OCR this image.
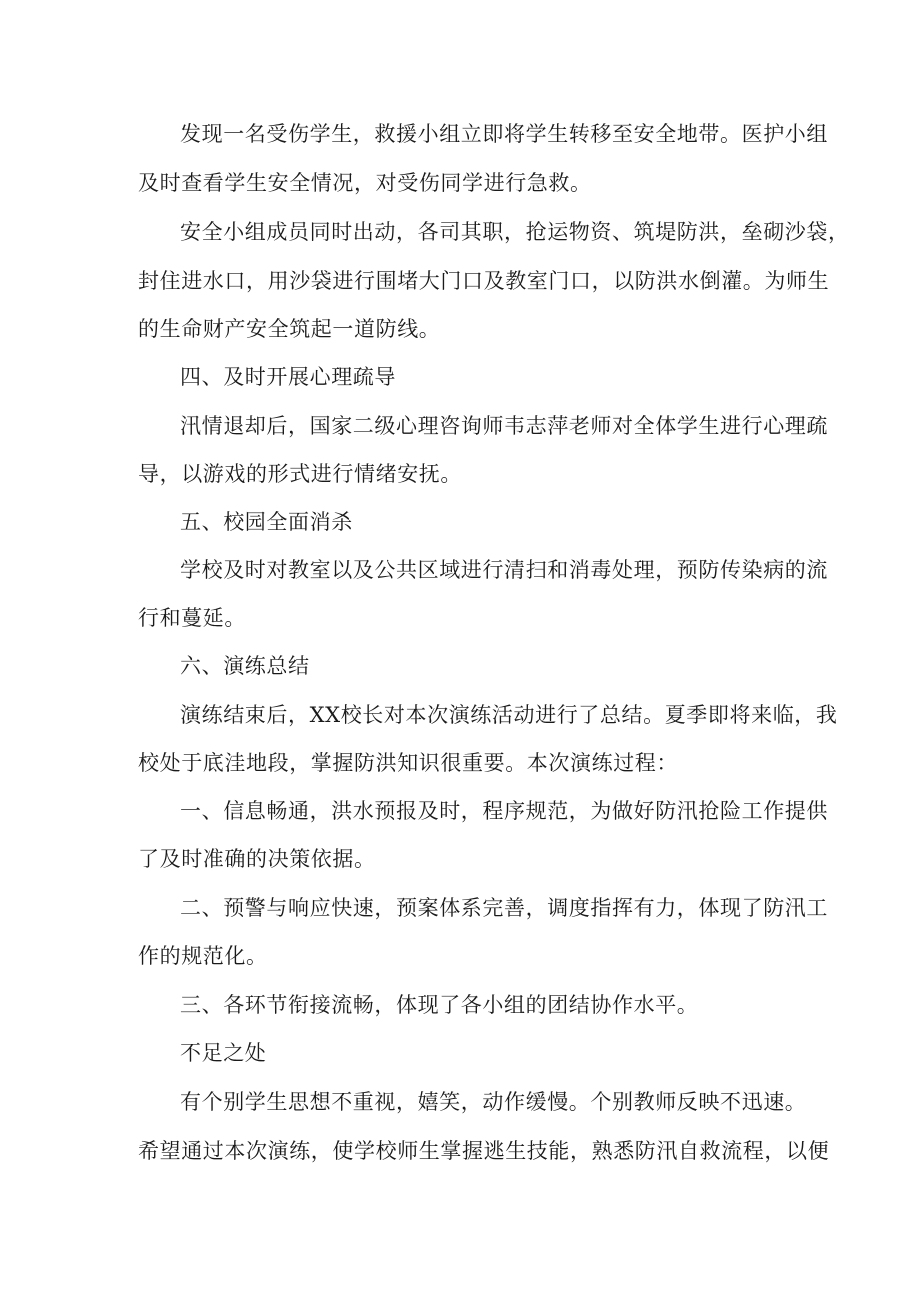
发现一名受伤学生，救援小组立即将学生转移至安全地带。医护小组
及时查看学生安全情况，对受伤同学进行急救。
安全小组成员同时出动，各司其职，抢运物资、筑堤防洪，垒砌沙袋，
封住进水口，用沙袋进行围堵大门口及教室门口，以防洪水倒灌。为师生
的生命财产安全筑起一道防线。
四、及时开展心理疏导
汛情退却后，国家二级心理咨询师韦志萍老师对全体学生进行心理疏
导，以游戏的形式进行情绪安抚。
五、校园全面消杀
学校及时对教室以及公共区域进行清扫和消毒处理，预防传染病的流
行和蔓延。
六、演练总结
演练结束后，XX校长对本次演练活动进行了总结。夏季即将来临，我
校处于底洼地段，掌握防洪知识很重要。本次演练过程：
一、信息畅通，洪水预报及时，程序规范，为做好防汛抢险工作提供
了及时准确的决策依据。
二、预警与响应快速，预案体系完善，调度指挥有力，体现了防汛工
作的规范化。
三、各环节衔接流畅，体现了各小组的团结协作水平。
不足之处
有个别学生思想不重视，嬉笑，动作缓慢。个别教师反映不迅速。
希望通过本次演练，使学校师生掌握逃生技能，熟悉防汛自救流程，以便
